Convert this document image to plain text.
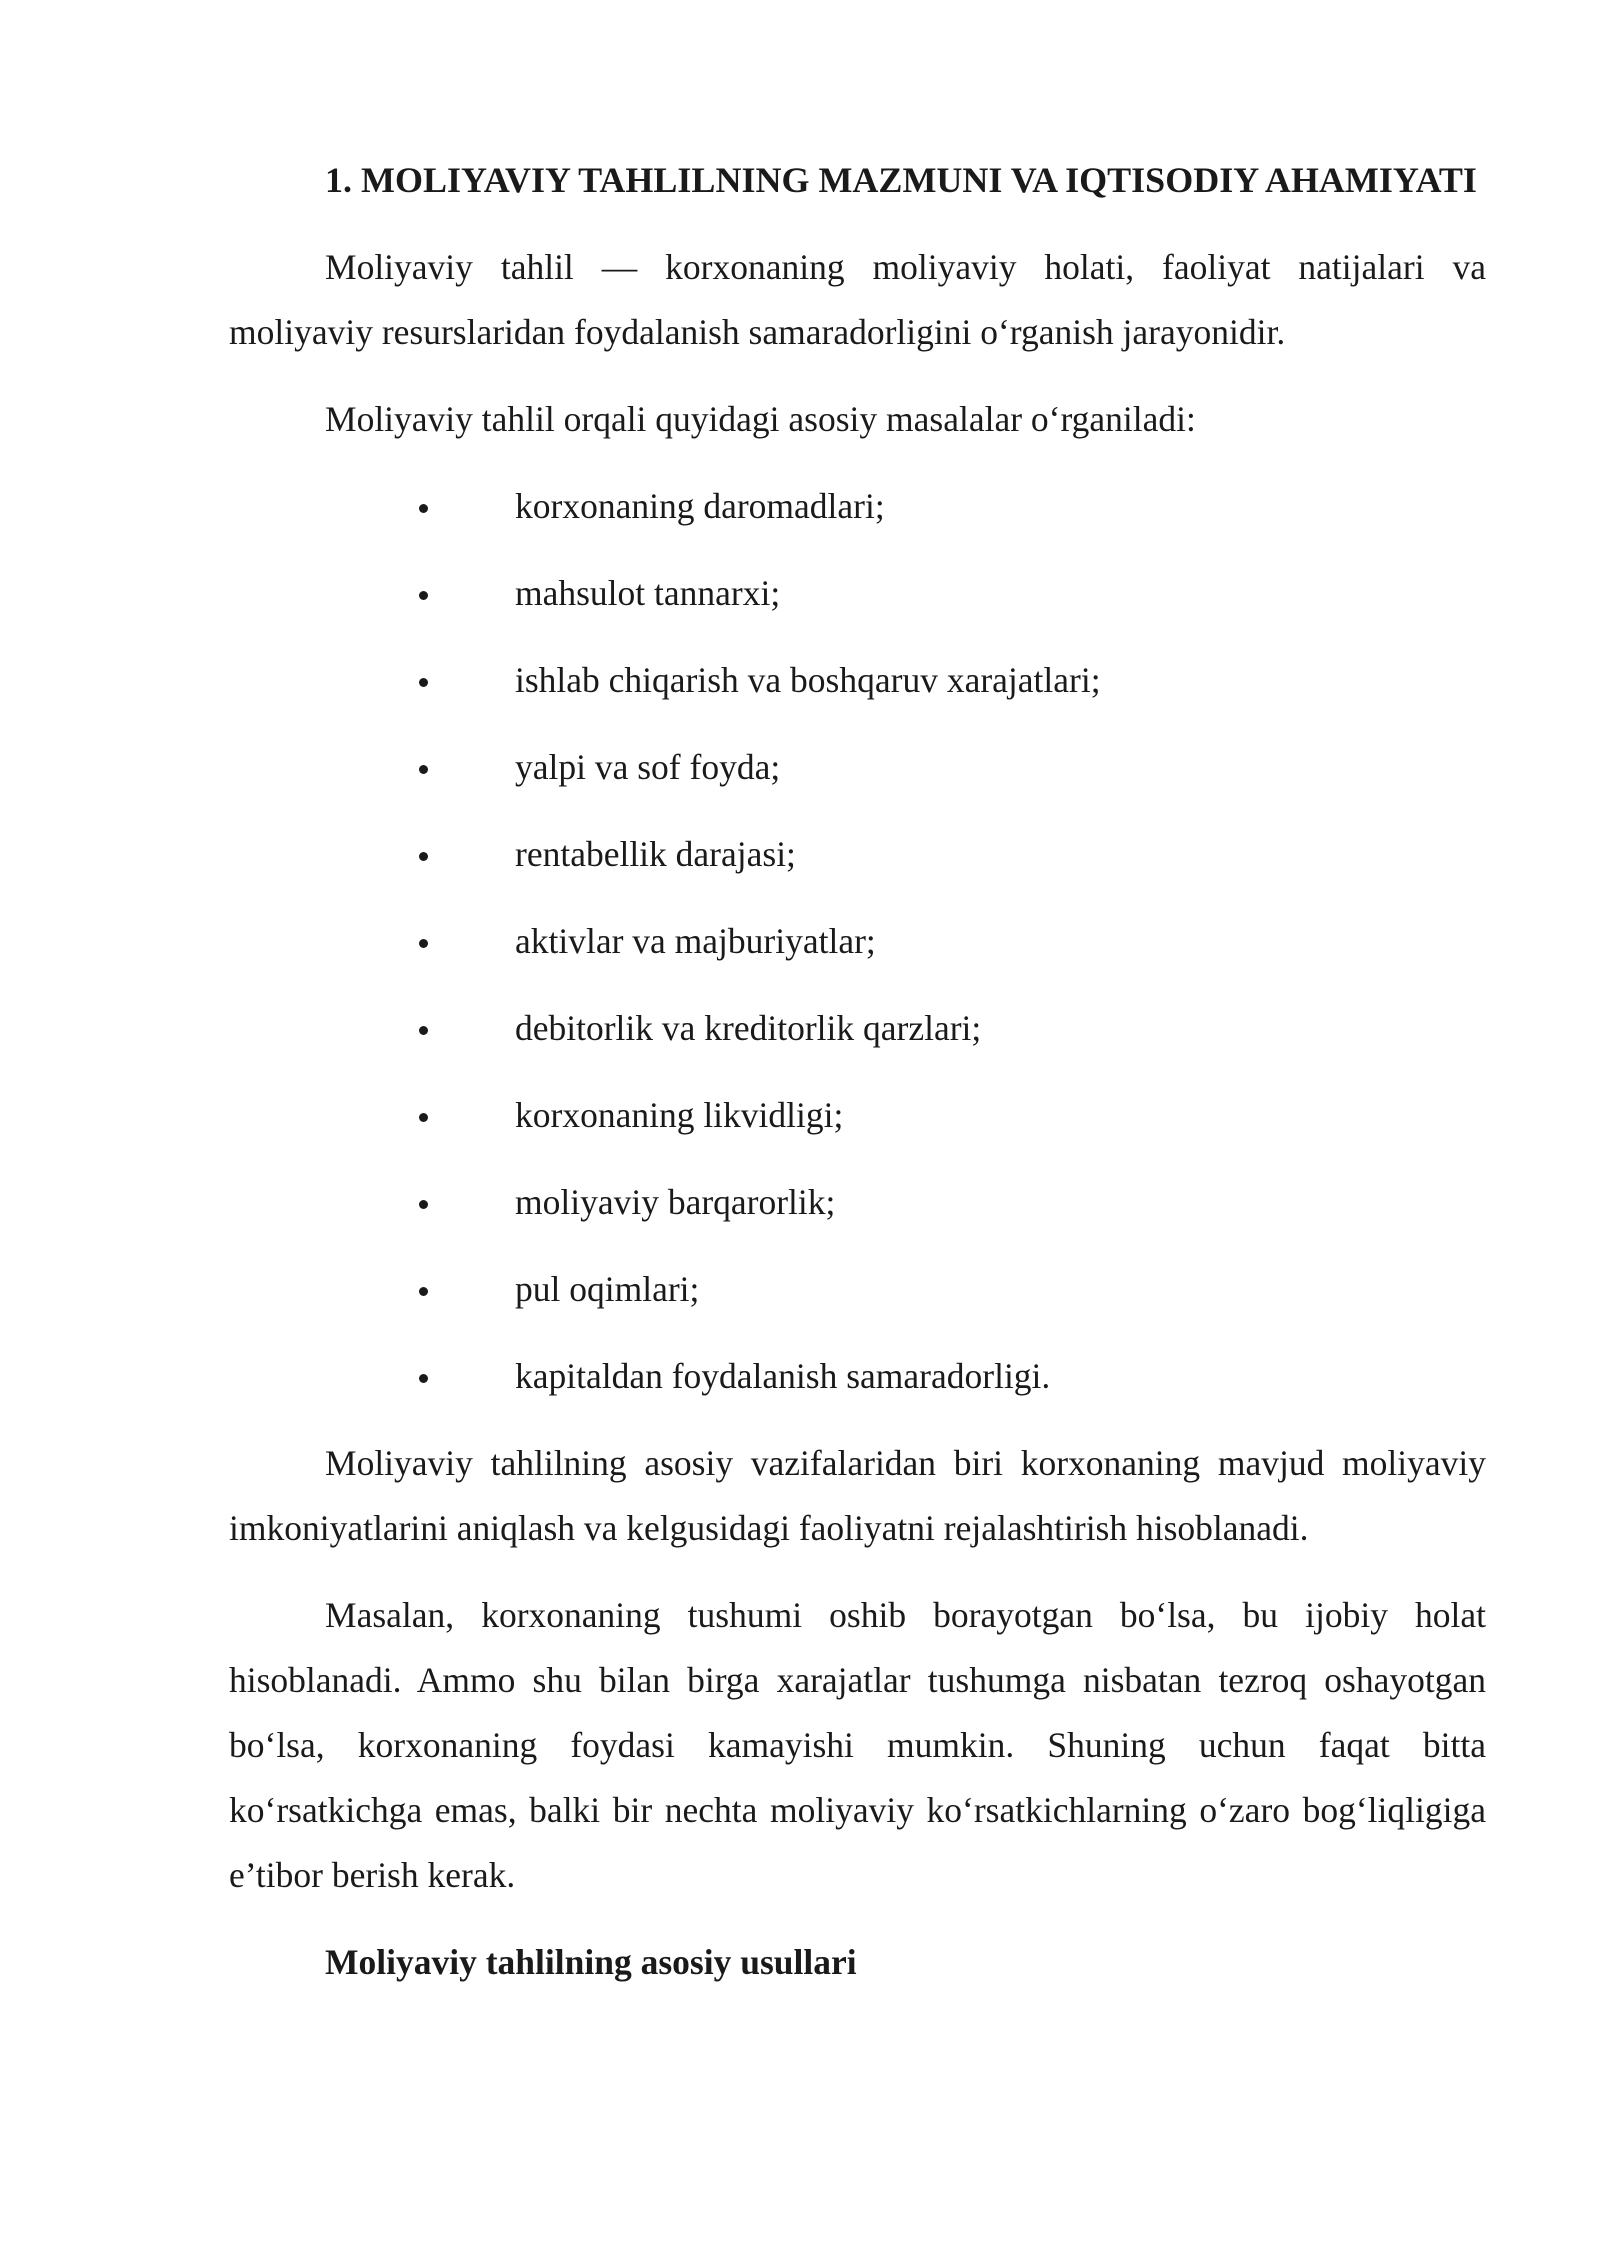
1. MOLIYAVIY TAHLILNING MAZMUNI VA IQTISODIY AHAMIYATI

Moliyaviy tahlil — korxonaning moliyaviy holati, faoliyat natijalari va moliyaviy resurslaridan foydalanish samaradorligini o‘rganish jarayonidir.

Moliyaviy tahlil orqali quyidagi asosiy masalalar o‘rganiladi:

korxonaning daromadlari;
mahsulot tannarxi;
ishlab chiqarish va boshqaruv xarajatlari;
yalpi va sof foyda;
rentabellik darajasi;
aktivlar va majburiyatlar;
debitorlik va kreditorlik qarzlari;
korxonaning likvidligi;
moliyaviy barqarorlik;
pul oqimlari;
kapitaldan foydalanish samaradorligi.

Moliyaviy tahlilning asosiy vazifalaridan biri korxonaning mavjud moliyaviy imkoniyatlarini aniqlash va kelgusidagi faoliyatni rejalashtirish hisoblanadi.

Masalan, korxonaning tushumi oshib borayotgan bo‘lsa, bu ijobiy holat hisoblanadi. Ammo shu bilan birga xarajatlar tushumga nisbatan tezroq oshayotgan bo‘lsa, korxonaning foydasi kamayishi mumkin. Shuning uchun faqat bitta ko‘rsatkichga emas, balki bir nechta moliyaviy ko‘rsatkichlarning o‘zaro bog‘liqligiga e’tibor berish kerak.

Moliyaviy tahlilning asosiy usullari
